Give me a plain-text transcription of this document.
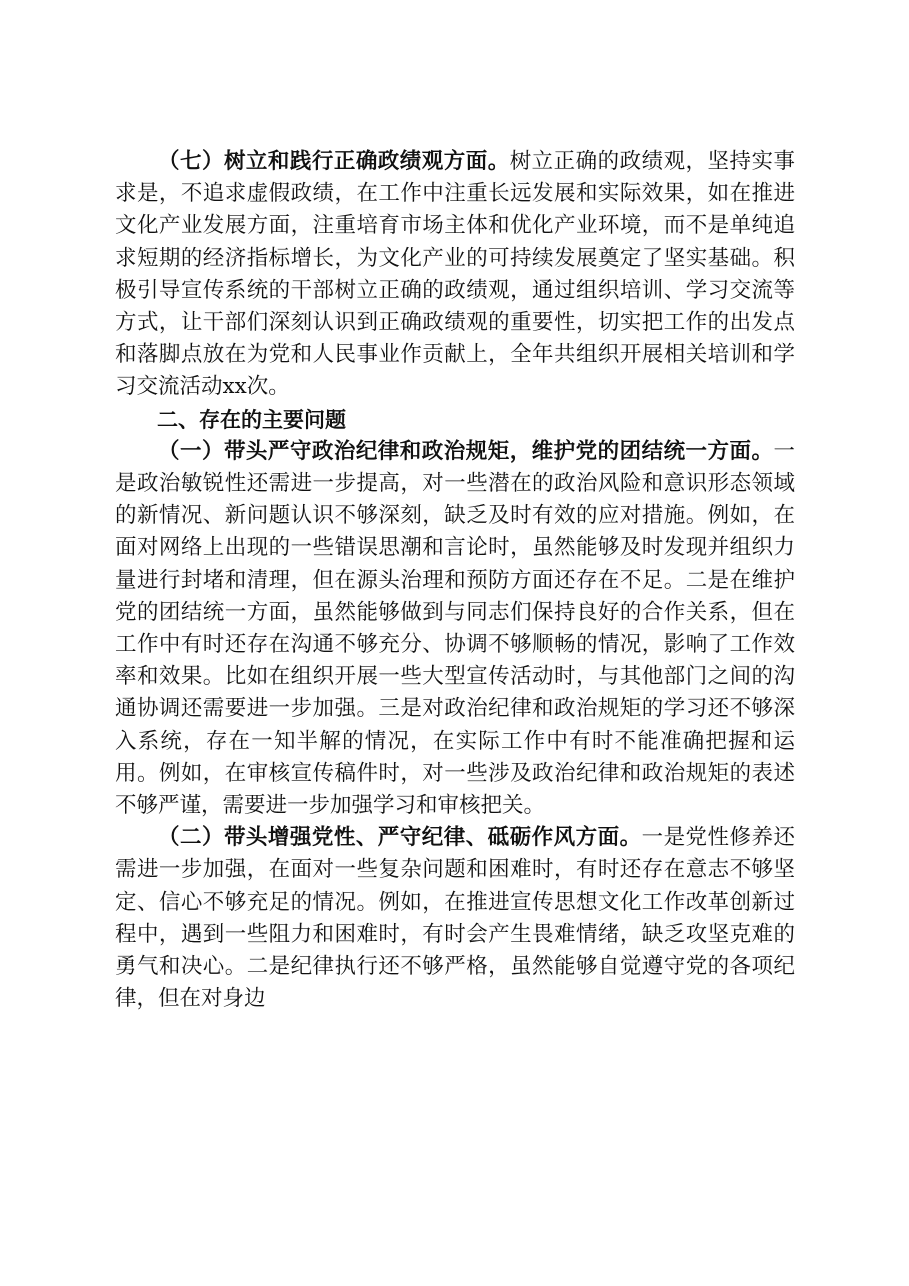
（七）树立和践行正确政绩观方面。树立正确的政绩观，坚持实事求是，不追求虚假政绩，在工作中注重长远发展和实际效果，如在推进文化产业发展方面，注重培育市场主体和优化产业环境，而不是单纯追求短期的经济指标增长，为文化产业的可持续发展奠定了坚实基础。积极引导宣传系统的干部树立正确的政绩观，通过组织培训、学习交流等方式，让干部们深刻认识到正确政绩观的重要性，切实把工作的出发点和落脚点放在为党和人民事业作贡献上，全年共组织开展相关培训和学习交流活动xx次。

二、存在的主要问题

（一）带头严守政治纪律和政治规矩，维护党的团结统一方面。一是政治敏锐性还需进一步提高，对一些潜在的政治风险和意识形态领域的新情况、新问题认识不够深刻，缺乏及时有效的应对措施。例如，在面对网络上出现的一些错误思潮和言论时，虽然能够及时发现并组织力量进行封堵和清理，但在源头治理和预防方面还存在不足。二是在维护党的团结统一方面，虽然能够做到与同志们保持良好的合作关系，但在工作中有时还存在沟通不够充分、协调不够顺畅的情况，影响了工作效率和效果。比如在组织开展一些大型宣传活动时，与其他部门之间的沟通协调还需要进一步加强。三是对政治纪律和政治规矩的学习还不够深入系统，存在一知半解的情况，在实际工作中有时不能准确把握和运用。例如，在审核宣传稿件时，对一些涉及政治纪律和政治规矩的表述不够严谨，需要进一步加强学习和审核把关。

（二）带头增强党性、严守纪律、砥砺作风方面。一是党性修养还需进一步加强，在面对一些复杂问题和困难时，有时还存在意志不够坚定、信心不够充足的情况。例如，在推进宣传思想文化工作改革创新过程中，遇到一些阻力和困难时，有时会产生畏难情绪，缺乏攻坚克难的勇气和决心。二是纪律执行还不够严格，虽然能够自觉遵守党的各项纪律，但在对身边
